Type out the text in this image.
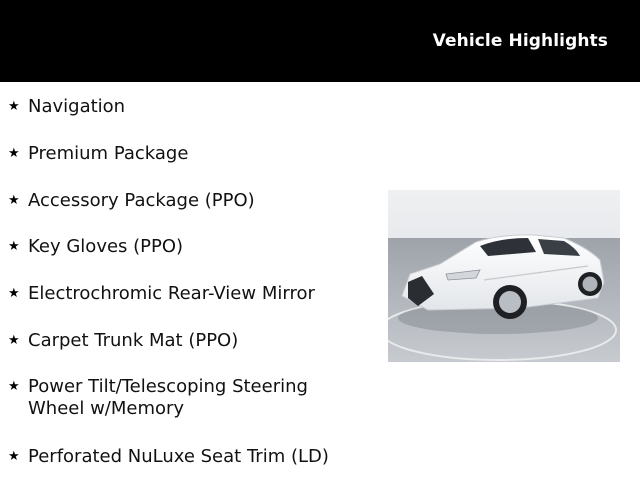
Vehicle Highlights
★ Navigation
★ Premium Package
★ Accessory Package (PPO)
★ Key Gloves (PPO)
★ Electrochromic Rear-View Mirror
★ Carpet Trunk Mat (PPO)
★ Power Tilt/Telescoping Steering Wheel w/Memory
★ Perforated NuLuxe Seat Trim (LD)
